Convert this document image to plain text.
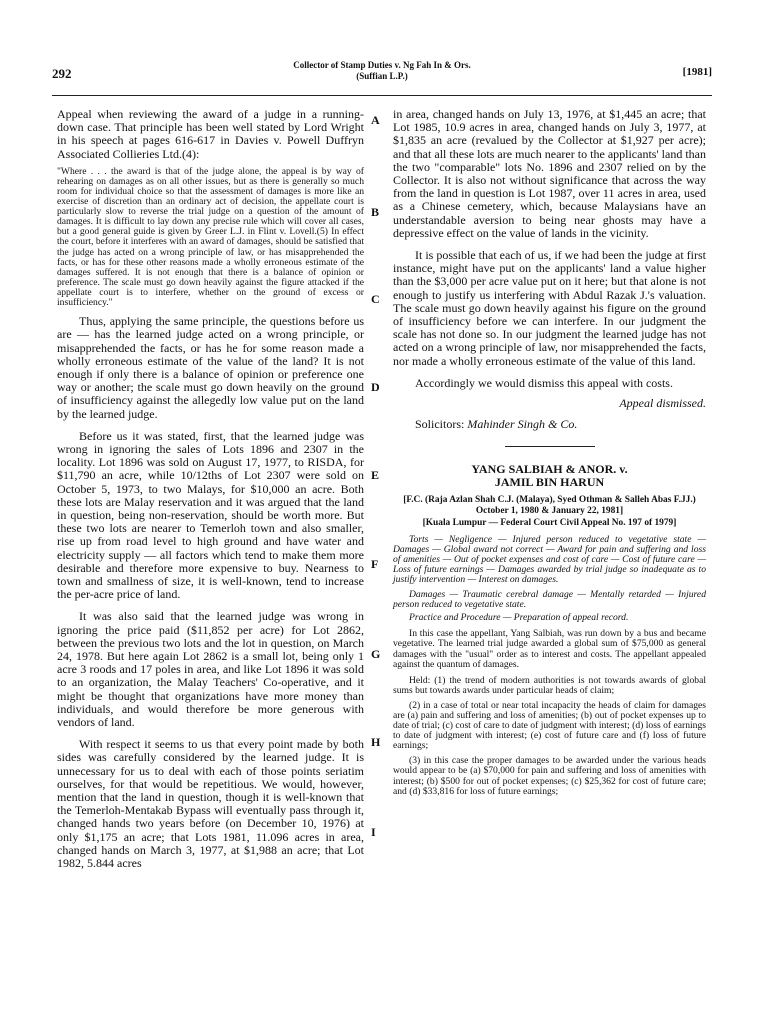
292
Collector of Stamp Duties v. Ng Fah In & Ors.
(Suffian L.P.)	[1981]
A
B
C
D
E
F
G
H
I

Appeal when reviewing the award of a judge in a running-down case. That principle has been well stated by Lord Wright in his speech at pages 616-617 in Davies v. Powell Duffryn Associated Collieries Ltd.(4):

"Where . . . the award is that of the judge alone, the appeal is by way of rehearing on damages as on all other issues, but as there is generally so much room for individual choice so that the assessment of damages is more like an exercise of discretion than an ordinary act of decision, the appellate court is particularly slow to reverse the trial judge on a question of the amount of damages. It is difficult to lay down any precise rule which will cover all cases, but a good general guide is given by Greer L.J. in Flint v. Lovell.(5) In effect the court, before it interferes with an award of damages, should be satisfied that the judge has acted on a wrong principle of law, or has misapprehended the facts, or has for these other reasons made a wholly erroneous estimate of the damages suffered. It is not enough that there is a balance of opinion or preference. The scale must go down heavily against the figure attacked if the appellate court is to interfere, whether on the ground of excess or insufficiency."

Thus, applying the same principle, the questions before us are — has the learned judge acted on a wrong principle, or misapprehended the facts, or has he for some reason made a wholly erroneous estimate of the value of the land? It is not enough if only there is a balance of opinion or preference one way or another; the scale must go down heavily on the ground of insufficiency against the allegedly low value put on the land by the learned judge.

Before us it was stated, first, that the learned judge was wrong in ignoring the sales of Lots 1896 and 2307 in the locality. Lot 1896 was sold on August 17, 1977, to RISDA, for $11,790 an acre, while 10/12ths of Lot 2307 were sold on October 5, 1973, to two Malays, for $10,000 an acre. Both these lots are Malay reservation and it was argued that the land in question, being non-reservation, should be worth more. But these two lots are nearer to Temerloh town and also smaller, rise up from road level to high ground and have water and electricity supply — all factors which tend to make them more desirable and therefore more expensive to buy. Nearness to town and smallness of size, it is well-known, tend to increase the per-acre price of land.

It was also said that the learned judge was wrong in ignoring the price paid ($11,852 per acre) for Lot 2862, between the previous two lots and the lot in question, on March 24, 1978. But here again Lot 2862 is a small lot, being only 1 acre 3 roods and 17 poles in area, and like Lot 1896 it was sold to an organization, the Malay Teachers' Co-operative, and it might be thought that organizations have more money than individuals, and would therefore be more generous with vendors of land.

With respect it seems to us that every point made by both sides was carefully considered by the learned judge. It is unnecessary for us to deal with each of those points seriatim ourselves, for that would be repetitious. We would, however, mention that the land in question, though it is well-known that the Temerloh-Mentakab Bypass will eventually pass through it, changed hands two years before (on December 10, 1976) at only $1,175 an acre; that Lots 1981, 11.096 acres in area, changed hands on March 3, 1977, at $1,988 an acre; that Lot 1982, 5.844 acres

in area, changed hands on July 13, 1976, at $1,445 an acre; that Lot 1985, 10.9 acres in area, changed hands on July 3, 1977, at $1,835 an acre (revalued by the Collector at $1,927 per acre); and that all these lots are much nearer to the applicants' land than the two "comparable" lots No. 1896 and 2307 relied on by the Collector. It is also not without significance that across the way from the land in question is Lot 1987, over 11 acres in area, used as a Chinese cemetery, which, because Malaysians have an understandable aversion to being near ghosts may have a depressive effect on the value of lands in the vicinity.

It is possible that each of us, if we had been the judge at first instance, might have put on the applicants' land a value higher than the $3,000 per acre value put on it here; but that alone is not enough to justify us interfering with Abdul Razak J.'s valuation. The scale must go down heavily against his figure on the ground of insufficiency before we can interfere. In our judgment the scale has not done so. In our judgment the learned judge has not acted on a wrong principle of law, nor misapprehended the facts, nor made a wholly erroneous estimate of the value of this land.

Accordingly we would dismiss this appeal with costs.

Appeal dismissed.

Solicitors: Mahinder Singh & Co.

YANG SALBIAH & ANOR. v.
JAMIL BIN HARUN

[F.C. (Raja Azlan Shah C.J. (Malaya), Syed Othman & Salleh Abas F.JJ.) October 1, 1980 & January 22, 1981]

[Kuala Lumpur — Federal Court Civil Appeal No. 197 of 1979]

Torts — Negligence — Injured person reduced to vegetative state — Damages — Global award not correct — Award for pain and suffering and loss of amenities — Out of pocket expenses and cost of care — Cost of future care — Loss of future earnings — Damages awarded by trial judge so inadequate as to justify intervention — Interest on damages.

Damages — Traumatic cerebral damage — Mentally retarded — Injured person reduced to vegetative state.

Practice and Procedure — Preparation of appeal record.

In this case the appellant, Yang Salbiah, was run down by a bus and became vegetative. The learned trial judge awarded a global sum of $75,000 as general damages with the "usual" order as to interest and costs. The appellant appealed against the quantum of damages.

Held: (1) the trend of modern authorities is not towards awards of global sums but towards awards under particular heads of claim;

(2) in a case of total or near total incapacity the heads of claim for damages are (a) pain and suffering and loss of amenities; (b) out of pocket expenses up to date of trial; (c) cost of care to date of judgment with interest; (d) loss of earnings to date of judgment with interest; (e) cost of future care and (f) loss of future earnings;

(3) in this case the proper damages to be awarded under the various heads would appear to be (a) $70,000 for pain and suffering and loss of amenities with interest; (b) $500 for out of pocket expenses; (c) $25,362 for cost of future care; and (d) $33,816 for loss of future earnings;
